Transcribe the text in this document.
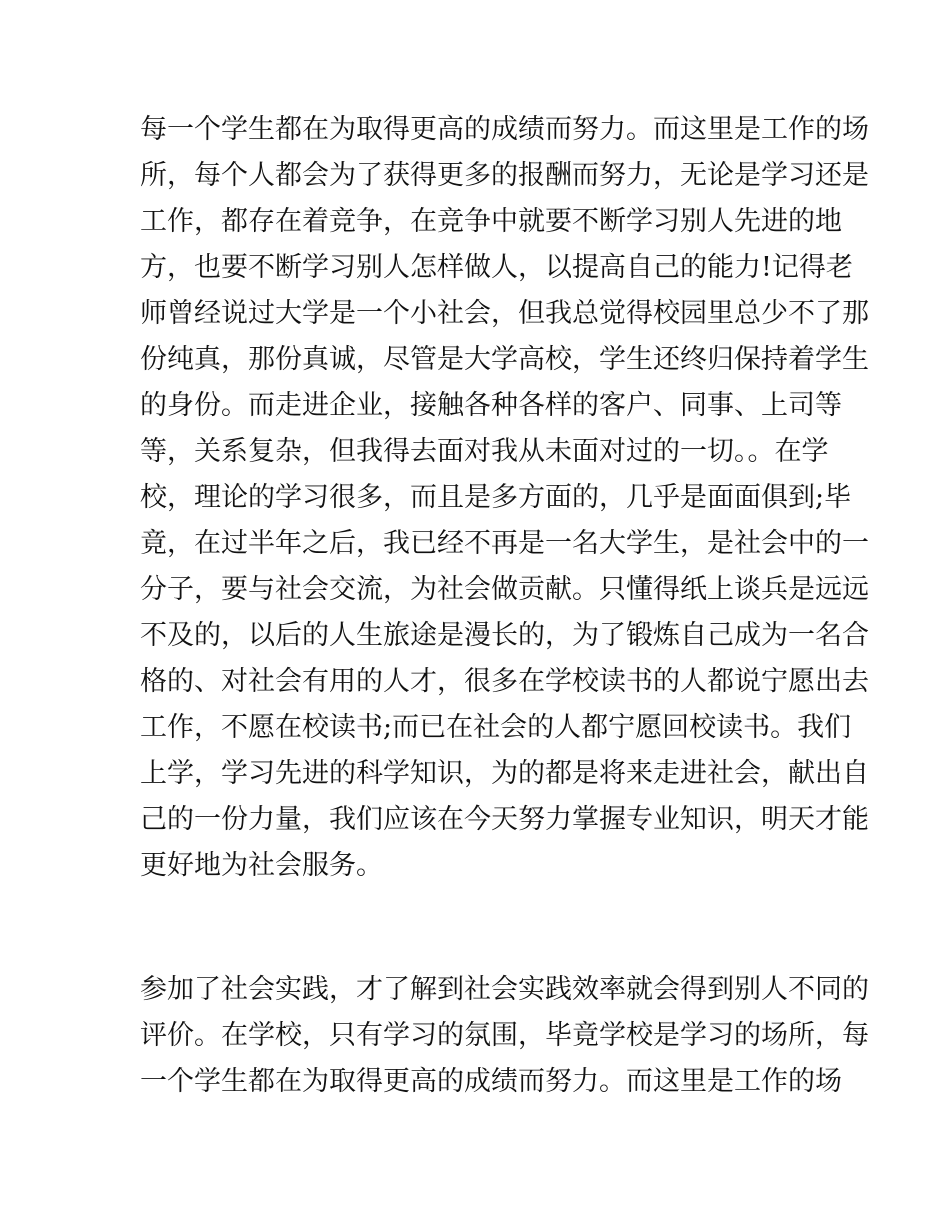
每一个学生都在为取得更高的成绩而努力。而这里是工作的场
所，每个人都会为了获得更多的报酬而努力，无论是学习还是
工作，都存在着竞争，在竞争中就要不断学习别人先进的地
方，也要不断学习别人怎样做人，以提高自己的能力!记得老
师曾经说过大学是一个小社会，但我总觉得校园里总少不了那
份纯真，那份真诚，尽管是大学高校，学生还终归保持着学生
的身份。而走进企业，接触各种各样的客户、同事、上司等
等，关系复杂，但我得去面对我从未面对过的一切。。在学
校，理论的学习很多，而且是多方面的，几乎是面面俱到;毕
竟，在过半年之后，我已经不再是一名大学生，是社会中的一
分子，要与社会交流，为社会做贡献。只懂得纸上谈兵是远远
不及的，以后的人生旅途是漫长的，为了锻炼自己成为一名合
格的、对社会有用的人才，很多在学校读书的人都说宁愿出去
工作，不愿在校读书;而已在社会的人都宁愿回校读书。我们
上学，学习先进的科学知识，为的都是将来走进社会，献出自
己的一份力量，我们应该在今天努力掌握专业知识，明天才能
更好地为社会服务。
参加了社会实践，才了解到社会实践效率就会得到别人不同的
评价。在学校，只有学习的氛围，毕竟学校是学习的场所，每
一个学生都在为取得更高的成绩而努力。而这里是工作的场
